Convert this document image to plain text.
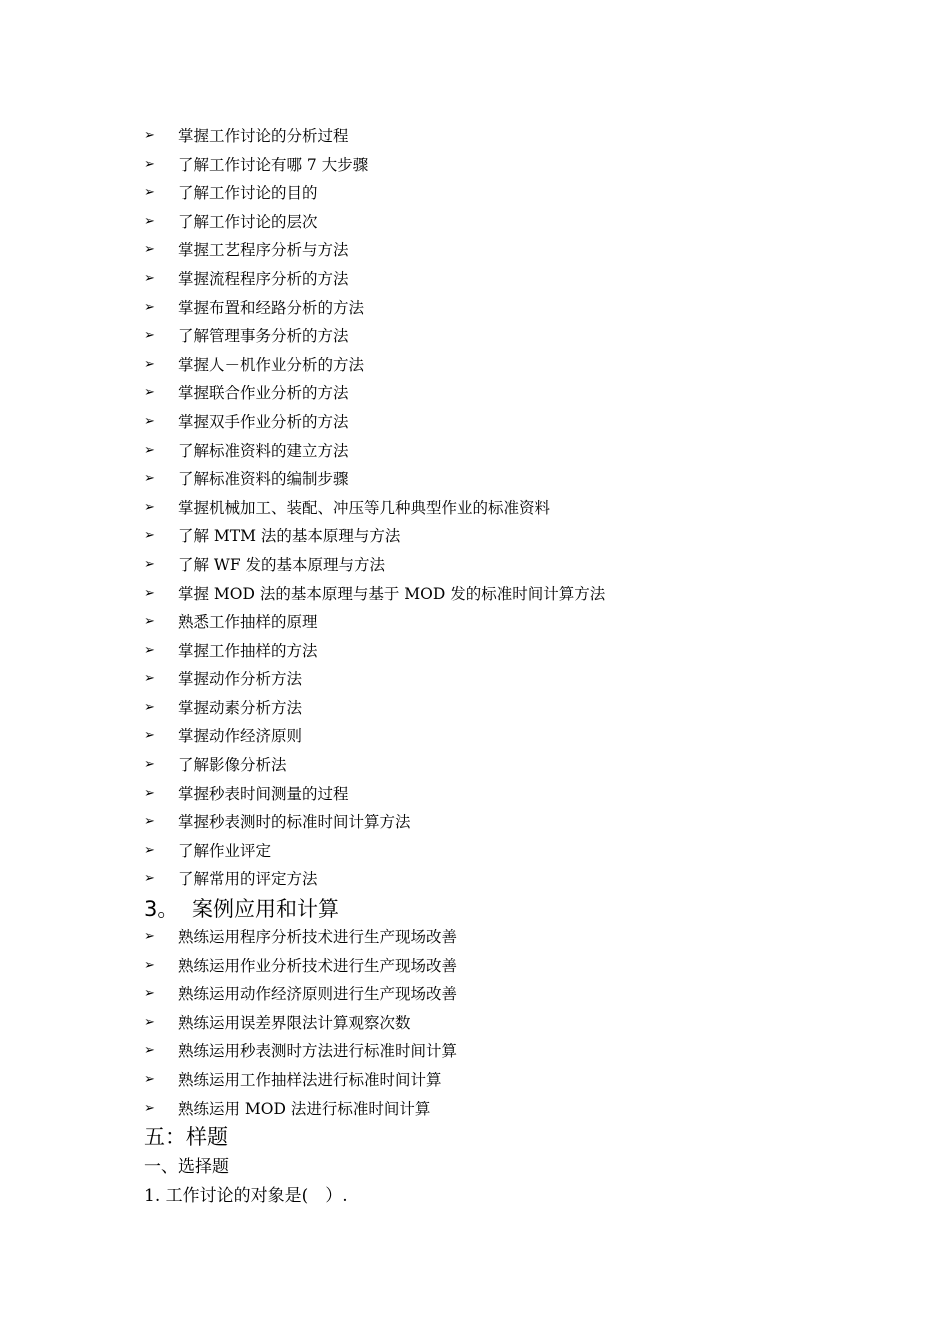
➢	掌握工作讨论的分析过程
➢	了解工作讨论有哪 7 大步骤
➢	了解工作讨论的目的
➢	了解工作讨论的层次
➢	掌握工艺程序分析与方法
➢	掌握流程程序分析的方法
➢	掌握布置和经路分析的方法
➢	了解管理事务分析的方法
➢	掌握人－机作业分析的方法
➢	掌握联合作业分析的方法
➢	掌握双手作业分析的方法
➢	了解标准资料的建立方法
➢	了解标准资料的编制步骤
➢	掌握机械加工、装配、冲压等几种典型作业的标准资料
➢	了解 MTM 法的基本原理与方法
➢	了解 WF 发的基本原理与方法
➢	掌握 MOD 法的基本原理与基于 MOD 发的标准时间计算方法
➢	熟悉工作抽样的原理
➢	掌握工作抽样的方法
➢	掌握动作分析方法
➢	掌握动素分析方法
➢	掌握动作经济原则
➢	了解影像分析法
➢	掌握秒表时间测量的过程
➢	掌握秒表测时的标准时间计算方法
➢	了解作业评定
➢	了解常用的评定方法
3。 案例应用和计算
➢	熟练运用程序分析技术进行生产现场改善
➢	熟练运用作业分析技术进行生产现场改善
➢	熟练运用动作经济原则进行生产现场改善
➢	熟练运用误差界限法计算观察次数
➢	熟练运用秒表测时方法进行标准时间计算
➢	熟练运用工作抽样法进行标准时间计算
➢	熟练运用 MOD 法进行标准时间计算
五：样题
一、选择题
1. 工作讨论的对象是(　）.
